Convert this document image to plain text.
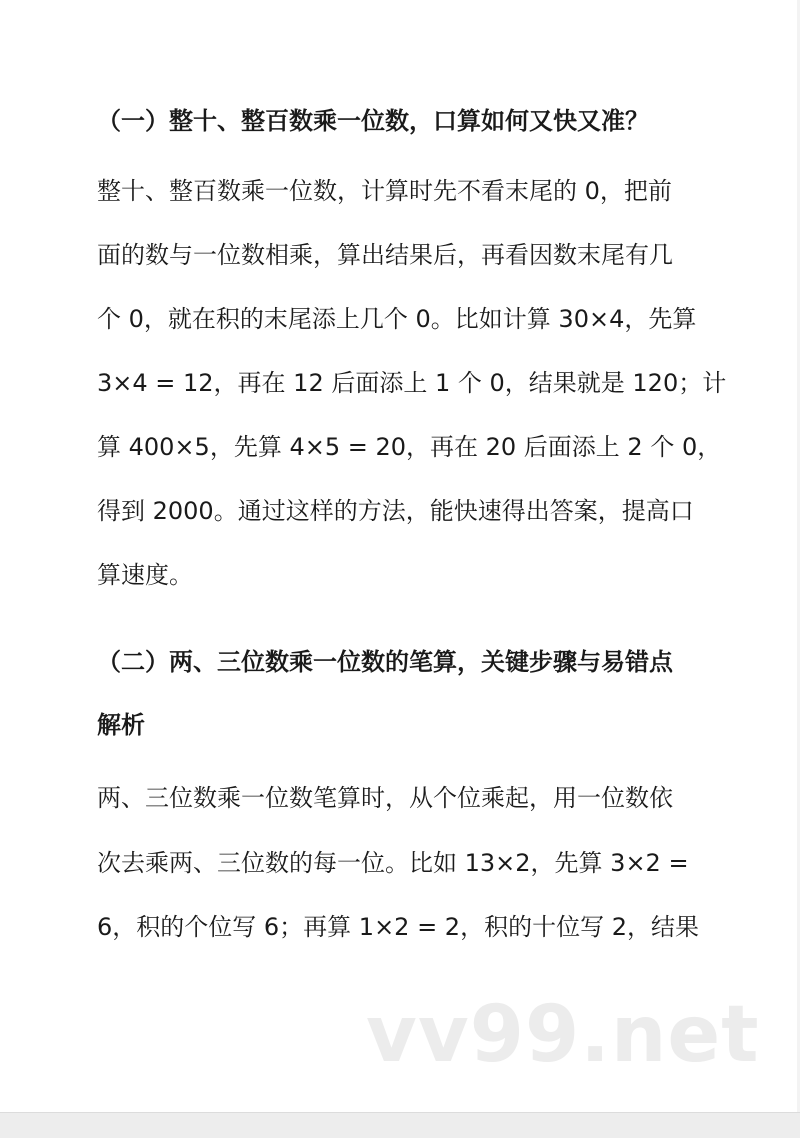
（一）整十、整百数乘一位数，口算如何又快又准？
整十、整百数乘一位数，计算时先不看末尾的 0，把前
面的数与一位数相乘，算出结果后，再看因数末尾有几
个 0，就在积的末尾添上几个 0。比如计算 30×4，先算
3×4 = 12，再在 12 后面添上 1 个 0，结果就是 120；计
算 400×5，先算 4×5 = 20，再在 20 后面添上 2 个 0，
得到 2000。通过这样的方法，能快速得出答案，提高口
算速度。
（二）两、三位数乘一位数的笔算，关键步骤与易错点
解析
两、三位数乘一位数笔算时，从个位乘起，用一位数依
次去乘两、三位数的每一位。比如 13×2，先算 3×2 =
6，积的个位写 6；再算 1×2 = 2，积的十位写 2，结果
vv99.net
